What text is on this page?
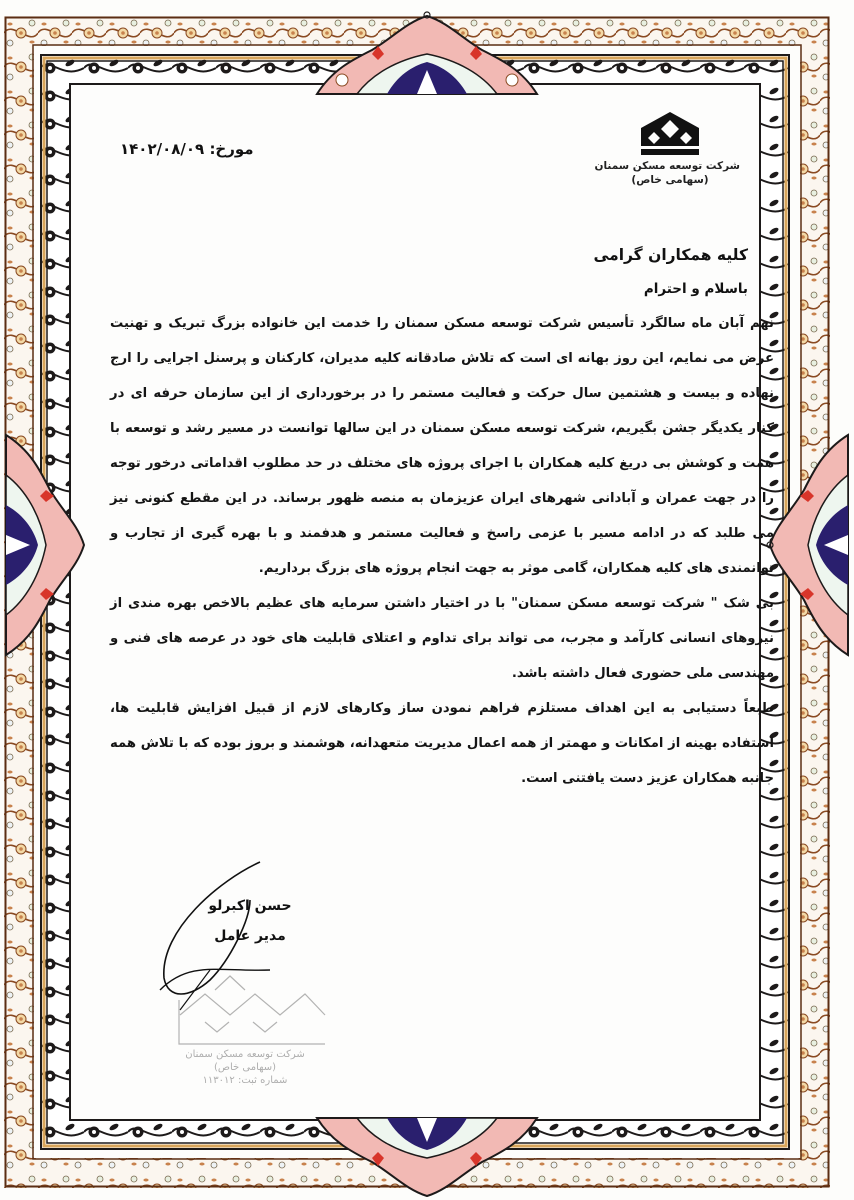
شرکت توسعه مسکن سمنان
(سهامی خاص)
مورخ: ۱۴۰۲/۰۸/۰۹
کلیه همکاران گرامی
باسلام و احترام

نهم آبان ماه سالگرد تأسیس شرکت توسعه مسکن سمنان را خدمت این خانواده بزرگ تبریک و تهنیت عرض می نمایم، این روز بهانه ای است که تلاش صادقانه کلیه مدیران، کارکنان و پرسنل اجرایی را ارج نهاده و بیست و هشتمین سال حرکت و فعالیت مستمر را در برخورداری از این سازمان حرفه ای در کنار یکدیگر جشن بگیریم، شرکت توسعه مسکن سمنان در این سالها توانست در مسیر رشد و توسعه با همت و کوشش بی دریغ کلیه همکاران با اجرای پروژه های مختلف در حد مطلوب اقداماتی درخور توجه را در جهت عمران و آبادانی شهرهای ایران عزیزمان به منصه ظهور برساند. در این مقطع کنونی نیز می طلبد که در ادامه مسیر با عزمی راسخ و فعالیت مستمر و هدفمند و با بهره گیری از تجارب و توانمندی های کلیه همکاران، گامی موثر به جهت انجام پروژه های بزرگ برداریم.

بی شک " شرکت توسعه مسکن سمنان" با در اختیار داشتن سرمایه های عظیم بالاخص بهره مندی از نیروهای انسانی کارآمد و مجرب، می تواند برای تداوم و اعتلای قابلیت های خود در عرصه های فنی و مهندسی ملی حضوری فعال داشته باشد.

طبعاً دستیابی به این اهداف مستلزم فراهم نمودن ساز وکارهای لازم از قبیل افزایش قابلیت ها، استفاده بهینه از امکانات و مهمتر از همه اعمال مدیریت متعهدانه، هوشمند و بروز بوده که با تلاش همه جانبه همکاران عزیز دست یافتنی است.

حسن اکبرلو
مدیر عامل
شرکت توسعه مسکن سمنان
(سهامی خاص)
شماره ثبت: ۱۱۳۰۱۲
